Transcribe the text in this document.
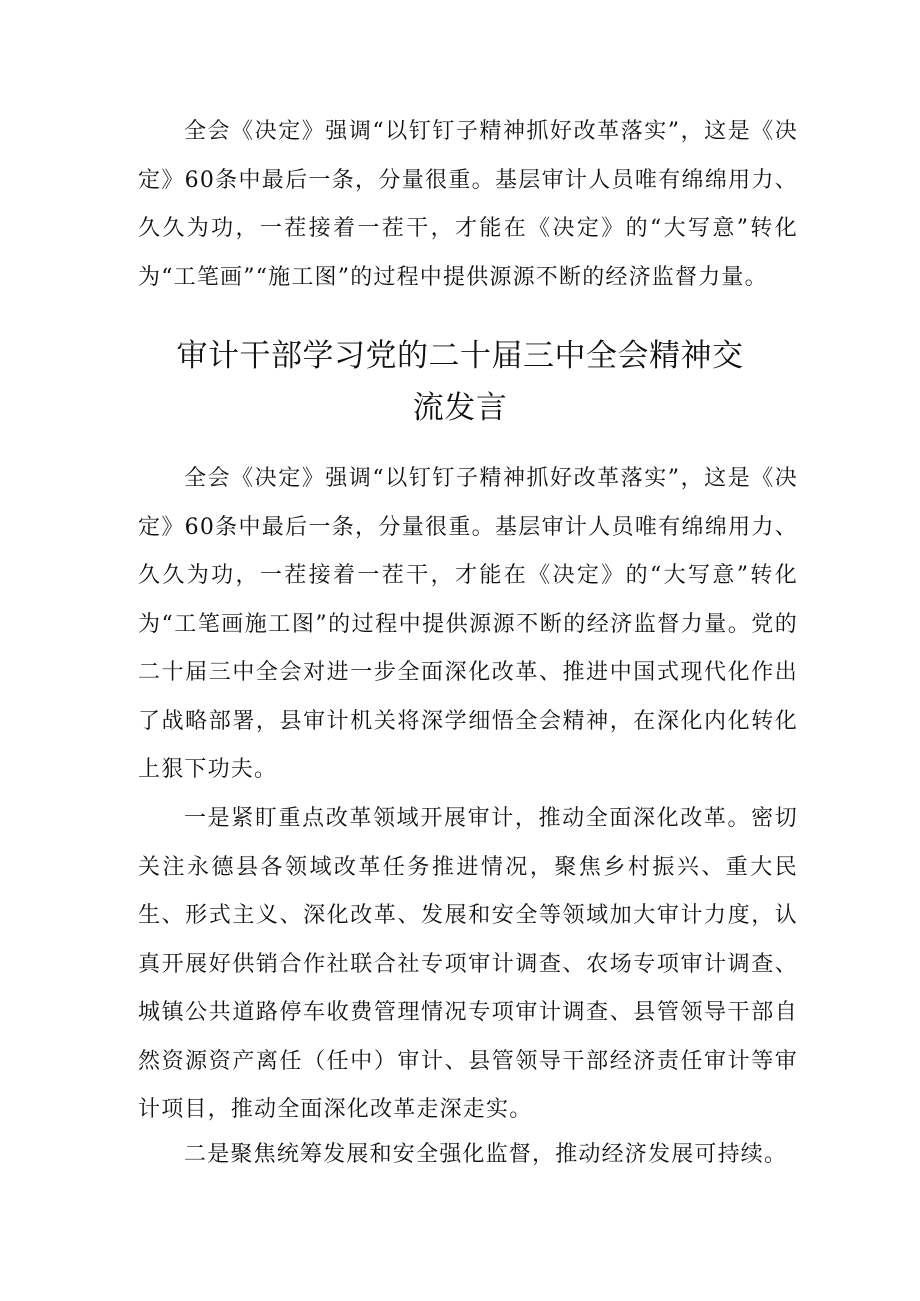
全会《决定》强调“以钉钉子精神抓好改革落实”，这是《决定》60条中最后一条，分量很重。基层审计人员唯有绵绵用力、久久为功，一茬接着一茬干，才能在《决定》的“大写意”转化为“工笔画”“施工图”的过程中提供源源不断的经济监督力量。

审计干部学习党的二十届三中全会精神交
流发言

全会《决定》强调“以钉钉子精神抓好改革落实”，这是《决定》60条中最后一条，分量很重。基层审计人员唯有绵绵用力、久久为功，一茬接着一茬干，才能在《决定》的“大写意”转化为“工笔画施工图”的过程中提供源源不断的经济监督力量。党的二十届三中全会对进一步全面深化改革、推进中国式现代化作出了战略部署，县审计机关将深学细悟全会精神，在深化内化转化上狠下功夫。

一是紧盯重点改革领域开展审计，推动全面深化改革。密切关注永德县各领域改革任务推进情况，聚焦乡村振兴、重大民生、形式主义、深化改革、发展和安全等领域加大审计力度，认真开展好供销合作社联合社专项审计调查、农场专项审计调查、城镇公共道路停车收费管理情况专项审计调查、县管领导干部自然资源资产离任（任中）审计、县管领导干部经济责任审计等审计项目，推动全面深化改革走深走实。

二是聚焦统筹发展和安全强化监督，推动经济发展可持续。
